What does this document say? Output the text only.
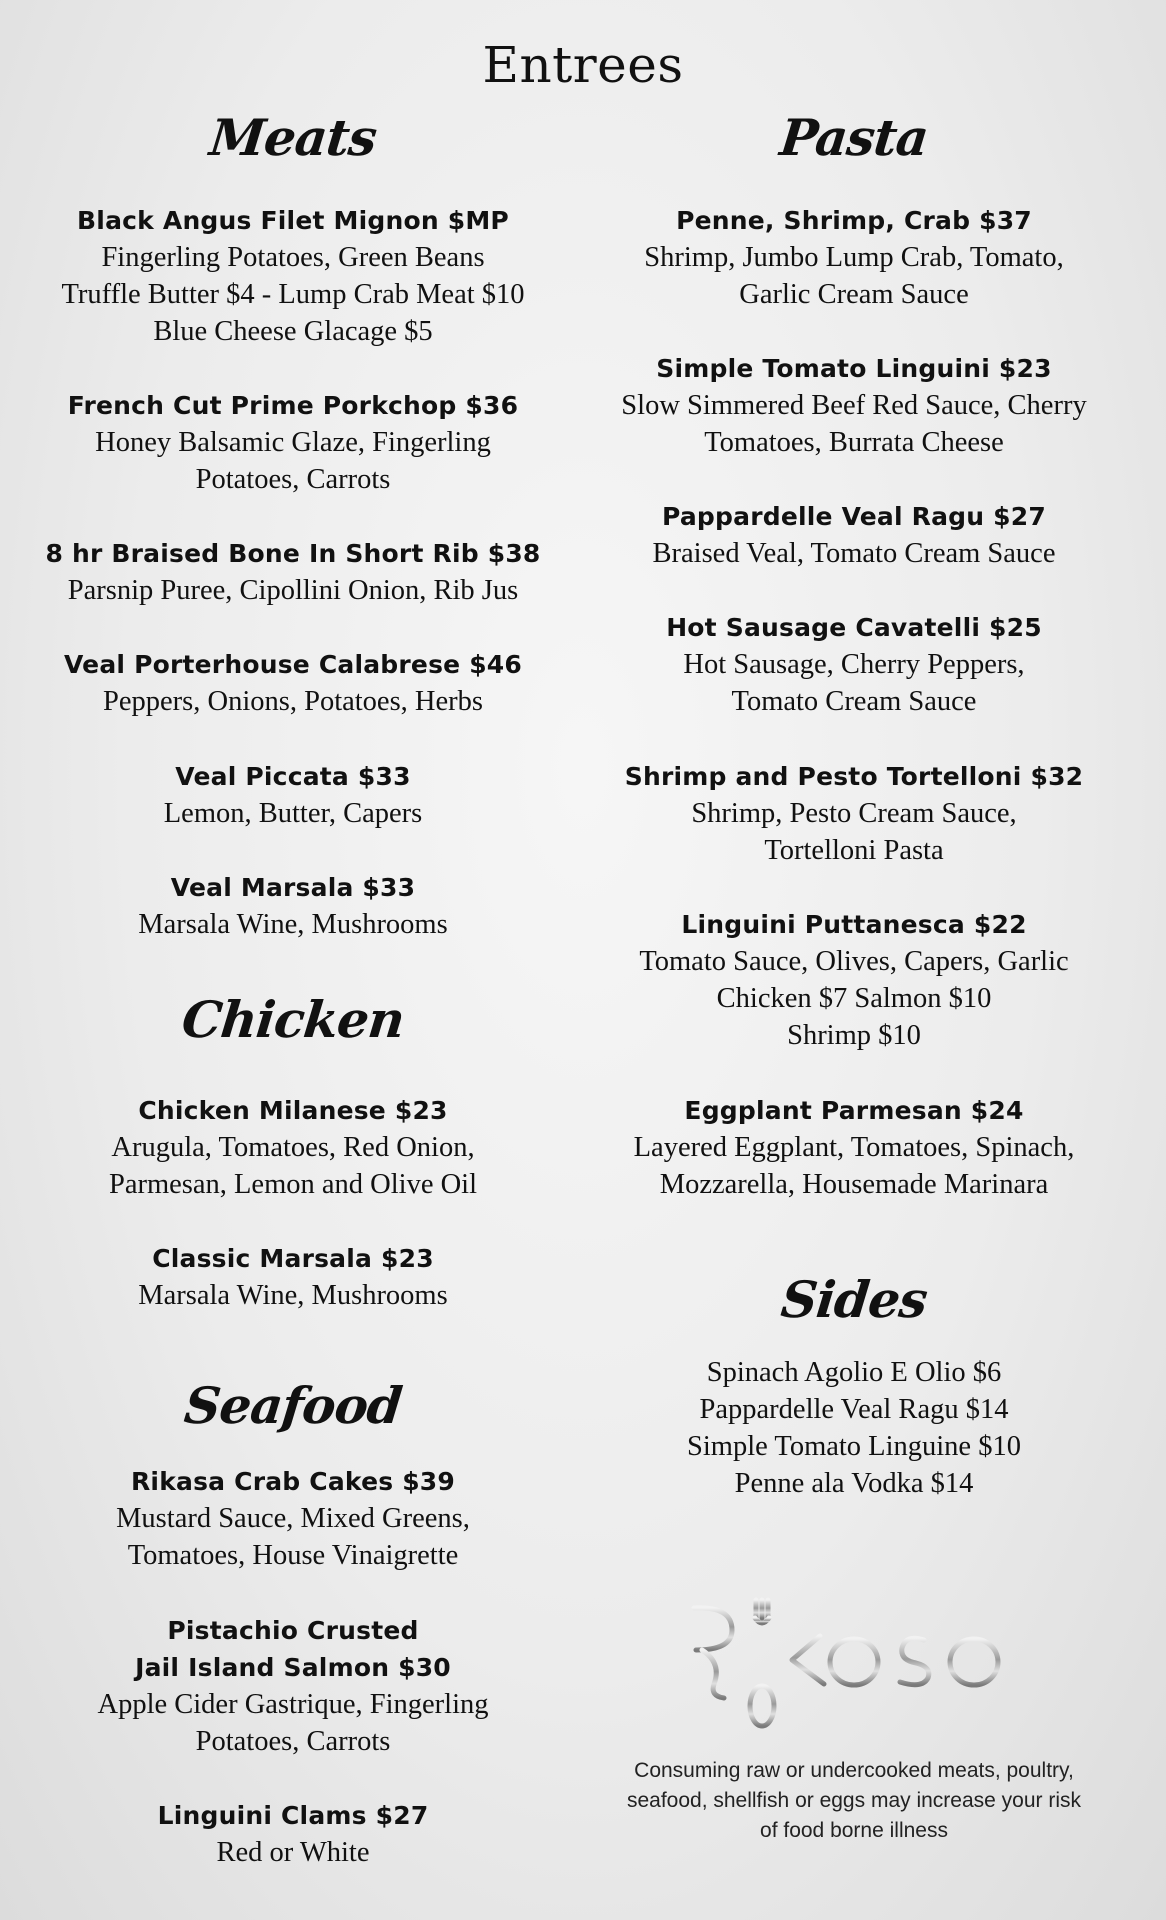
Entrees
Meats
Black Angus Filet Mignon $MP
Fingerling Potatoes, Green Beans
Truffle Butter $4 - Lump Crab Meat $10
Blue Cheese Glacage $5
French Cut Prime Porkchop $36
Honey Balsamic Glaze, Fingerling
Potatoes, Carrots
8 hr Braised Bone In Short Rib $38
Parsnip Puree, Cipollini Onion, Rib Jus
Veal Porterhouse Calabrese $46
Peppers, Onions, Potatoes, Herbs
Veal Piccata $33
Lemon, Butter, Capers
Veal Marsala $33
Marsala Wine, Mushrooms
Chicken
Chicken Milanese $23
Arugula, Tomatoes, Red Onion,
Parmesan, Lemon and Olive Oil
Classic Marsala $23
Marsala Wine, Mushrooms
Seafood
Rikasa Crab Cakes $39
Mustard Sauce, Mixed Greens,
Tomatoes, House Vinaigrette
Pistachio Crusted
Jail Island Salmon $30
Apple Cider Gastrique, Fingerling
Potatoes, Carrots
Linguini Clams $27
Red or White
Pasta
Penne, Shrimp, Crab $37
Shrimp, Jumbo Lump Crab, Tomato,
Garlic Cream Sauce
Simple Tomato Linguini $23
Slow Simmered Beef Red Sauce, Cherry
Tomatoes, Burrata Cheese
Pappardelle Veal Ragu $27
Braised Veal, Tomato Cream Sauce
Hot Sausage Cavatelli $25
Hot Sausage, Cherry Peppers,
Tomato Cream Sauce
Shrimp and Pesto Tortelloni $32
Shrimp, Pesto Cream Sauce,
Tortelloni Pasta
Linguini Puttanesca $22
Tomato Sauce, Olives, Capers, Garlic
Chicken $7 Salmon $10
Shrimp $10
Eggplant Parmesan $24
Layered Eggplant, Tomatoes, Spinach,
Mozzarella, Housemade Marinara
Sides
Spinach Agolio E Olio $6
Pappardelle Veal Ragu $14
Simple Tomato Linguine $10
Penne ala Vodka $14
Consuming raw or undercooked meats, poultry,
seafood, shellfish or eggs may increase your risk
of food borne illness
